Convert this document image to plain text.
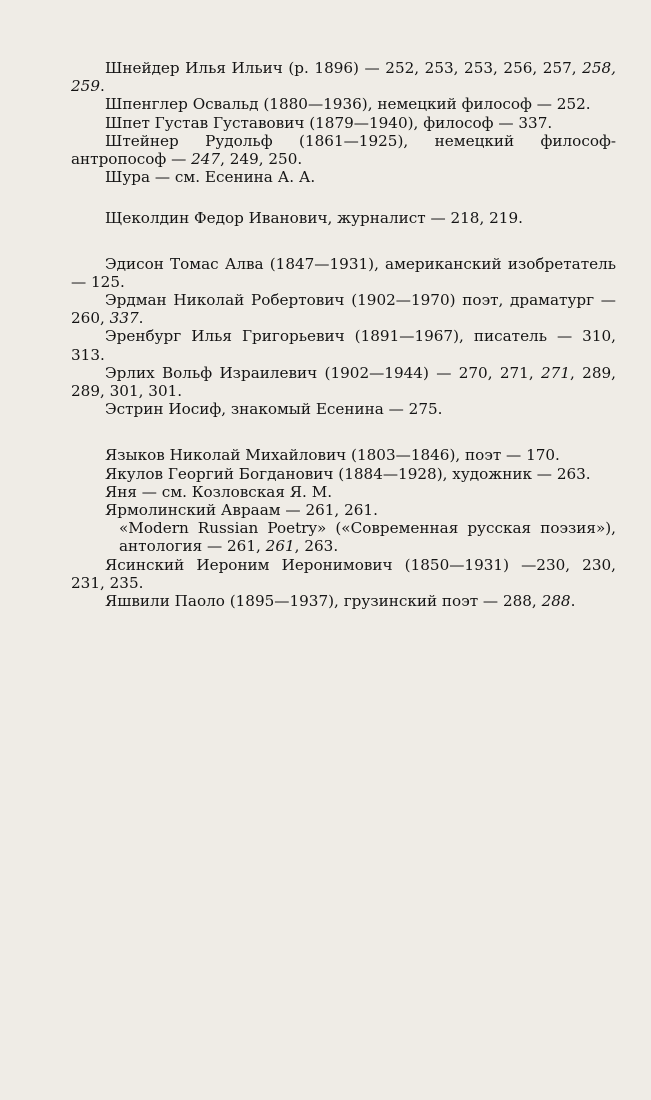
Шнейдер Илья Ильич (р. 1896) — 252, 253, 253, 256, 257, 258, 259.

Шпенглер Освальд (1880—1936), немецкий философ — 252.

Шпет Густав Густавович (1879—1940), философ — 337.

Штейнер Рудольф (1861—1925), немецкий философ-антропософ — 247, 249, 250.

Шура — см. Есенина А. А.

Щеколдин Федор Иванович, журналист — 218, 219.

Эдисон Томас Алва (1847—1931), американский изобретатель — 125.

Эрдман Николай Робертович (1902—1970) поэт, драматург — 260, 337.

Эренбург Илья Григорьевич (1891—1967), писатель — 310, 313.

Эрлих Вольф Израилевич (1902—1944) — 270, 271, 271, 289, 289, 301, 301.

Эстрин Иосиф, знакомый Есенина — 275.

Языков Николай Михайлович (1803—1846), поэт — 170.

Якулов Георгий Богданович (1884—1928), художник — 263.

Яня — см. Козловская Я. М.

Ярмолинский Авраам — 261, 261.

«Modern Russian Poetry» («Современная русская поэзия»), антология — 261, 261, 263.

Ясинский Иероним Иеронимович (1850—1931) —230, 230, 231, 235.

Яшвили Паоло (1895—1937), грузинский поэт — 288, 288.
